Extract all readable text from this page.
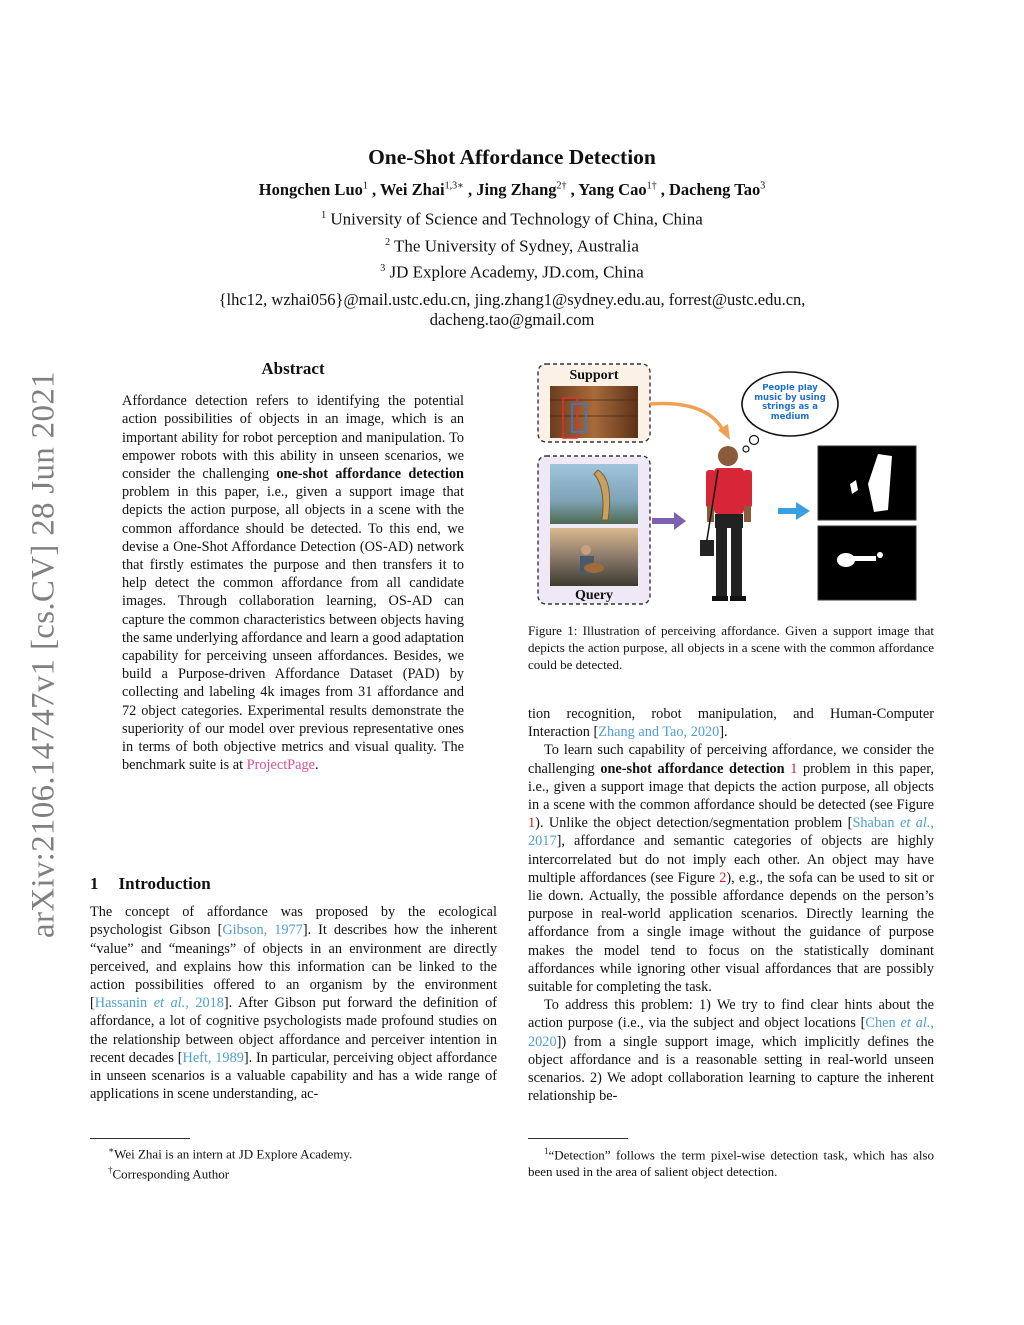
arXiv:2106.14747v1 [cs.CV] 28 Jun 2021
One-Shot Affordance Detection
Hongchen Luo$^1$ , Wei Zhai$^{1,3∗}$ , Jing Zhang$^{2\dagger}$ , Yang Cao$^{1\dagger}$ , Dacheng Tao$^3$
$^1$ University of Science and Technology of China, China
$^2$ The University of Sydney, Australia
$^3$ JD Explore Academy, JD.com, China
{lhc12, wzhai056}@mail.ustc.edu.cn, jing.zhang1@sydney.edu.au, forrest@ustc.edu.cn,
dacheng.tao@gmail.com
Abstract

Affordance detection refers to identifying the potential action possibilities of objects in an image, which is an important ability for robot perception and manipulation. To empower robots with this ability in unseen scenarios, we consider the challenging one-shot affordance detection problem in this paper, i.e., given a support image that depicts the action purpose, all objects in a scene with the common affordance should be detected. To this end, we devise a One-Shot Affordance Detection (OS-AD) network that firstly estimates the purpose and then transfers it to help detect the common affordance from all candidate images. Through collaboration learning, OS-AD can capture the common characteristics between objects having the same underlying affordance and learn a good adaptation capability for perceiving unseen affordances. Besides, we build a Purpose-driven Affordance Dataset (PAD) by collecting and labeling 4k images from 31 affordance and 72 object categories. Experimental results demonstrate the superiority of our model over previous representative ones in terms of both objective metrics and visual quality. The benchmark suite is at ProjectPage.

1 Introduction

The concept of affordance was proposed by the ecological psychologist Gibson [Gibson, 1977]. It describes how the inherent “value” and “meanings” of objects in an environment are directly perceived, and explains how this information can be linked to the action possibilities offered to an organism by the environment [Hassanin et al., 2018]. After Gibson put forward the definition of affordance, a lot of cognitive psychologists made profound studies on the relationship between object affordance and perceiver intention in recent decades [Heft, 1989]. In particular, perceiving object affordance in unseen scenarios is a valuable capability and has a wide range of applications in scene understanding, ac-

∗Wei Zhai is an intern at JD Explore Academy.
†Corresponding Author
Support
Query
People play music by using strings as a medium
Figure 1: Illustration of perceiving affordance. Given a support image that depicts the action purpose, all objects in a scene with the common affordance could be detected.

tion recognition, robot manipulation, and Human-Computer Interaction [Zhang and Tao, 2020].

To learn such capability of perceiving affordance, we consider the challenging one-shot affordance detection 1 problem in this paper, i.e., given a support image that depicts the action purpose, all objects in a scene with the common affordance should be detected (see Figure 1). Unlike the object detection/segmentation problem [Shaban et al., 2017], affordance and semantic categories of objects are highly intercorrelated but do not imply each other. An object may have multiple affordances (see Figure 2), e.g., the sofa can be used to sit or lie down. Actually, the possible affordance depends on the person’s purpose in real-world application scenarios. Directly learning the affordance from a single image without the guidance of purpose makes the model tend to focus on the statistically dominant affordances while ignoring other visual affordances that are possibly suitable for completing the task.

To address this problem: 1) We try to find clear hints about the action purpose (i.e., via the subject and object locations [Chen et al., 2020]) from a single support image, which implicitly defines the object affordance and is a reasonable setting in real-world unseen scenarios. 2) We adopt collaboration learning to capture the inherent relationship be-

$^1$“Detection” follows the term pixel-wise detection task, which has also been used in the area of salient object detection.
